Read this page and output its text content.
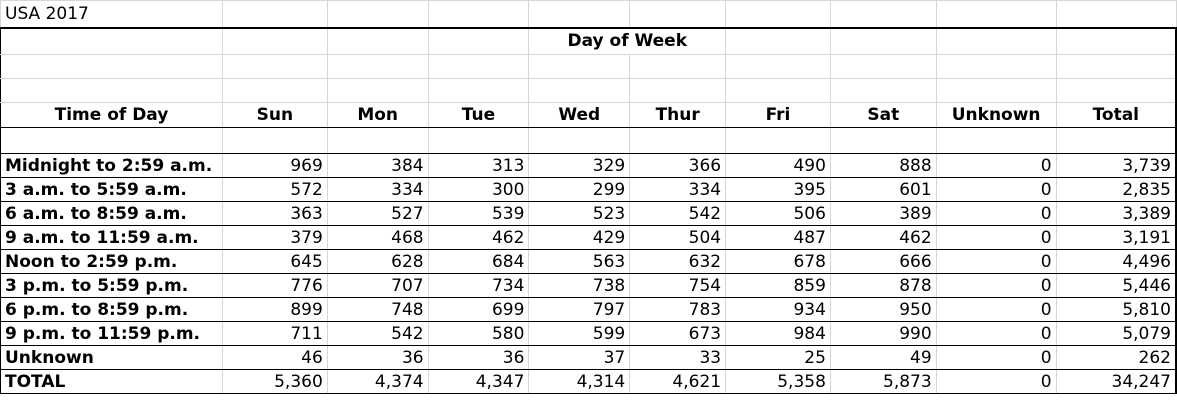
USA 2017									
				Day of Week					

Time of Day	Sun	Mon	Tue	Wed	Thur	Fri	Sat	Unknown	Total

Midnight to 2:59 a.m.	969	384	313	329	366	490	888	0	3,739
3 a.m. to 5:59 a.m.	572	334	300	299	334	395	601	0	2,835
6 a.m. to 8:59 a.m.	363	527	539	523	542	506	389	0	3,389
9 a.m. to 11:59 a.m.	379	468	462	429	504	487	462	0	3,191
Noon to 2:59 p.m.	645	628	684	563	632	678	666	0	4,496
3 p.m. to 5:59 p.m.	776	707	734	738	754	859	878	0	5,446
6 p.m. to 8:59 p.m.	899	748	699	797	783	934	950	0	5,810
9 p.m. to 11:59 p.m.	711	542	580	599	673	984	990	0	5,079
Unknown	46	36	36	37	33	25	49	0	262
TOTAL	5,360	4,374	4,347	4,314	4,621	5,358	5,873	0	34,247
